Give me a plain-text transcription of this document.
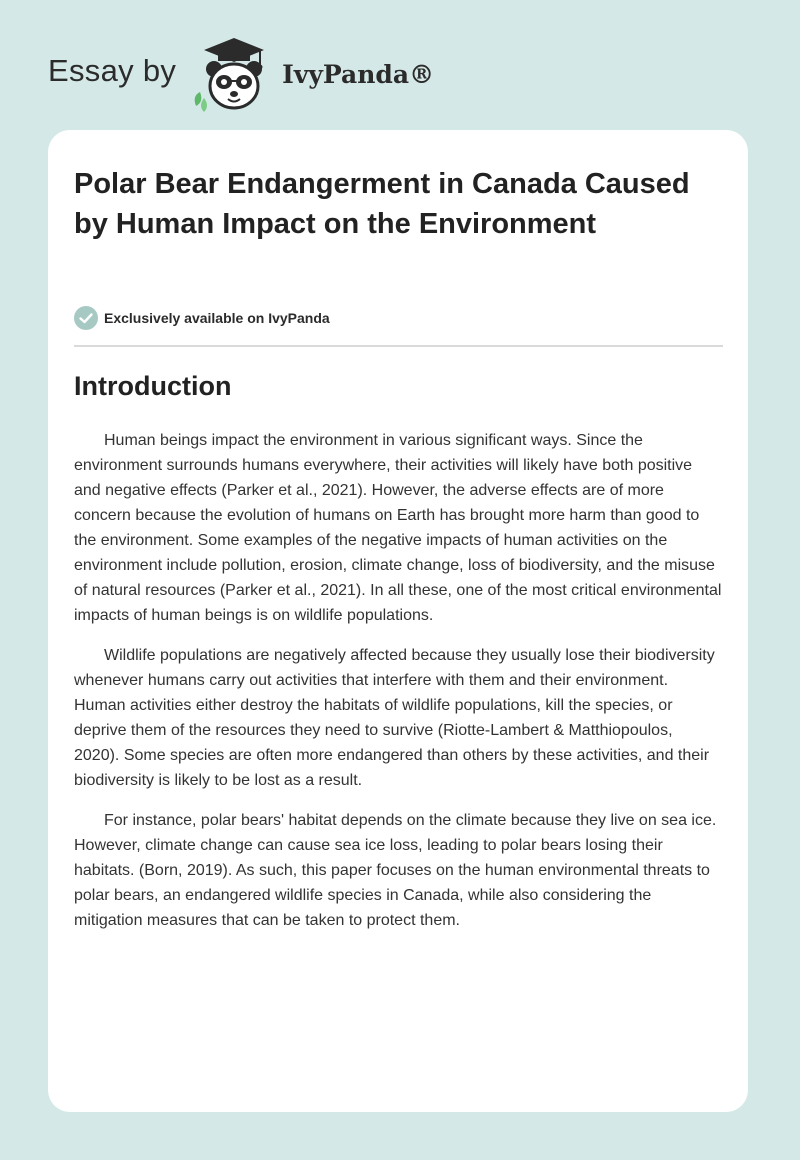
Essay by	IvyPanda®
Polar Bear Endangerment in Canada Caused by Human Impact on the Environment
Exclusively available on IvyPanda
Introduction

Human beings impact the environment in various significant ways. Since the environment surrounds humans everywhere, their activities will likely have both positive and negative effects (Parker et al., 2021). However, the adverse effects are of more concern because the evolution of humans on Earth has brought more harm than good to the environment. Some examples of the negative impacts of human activities on the environment include pollution, erosion, climate change, loss of biodiversity, and the misuse of natural resources (Parker et al., 2021). In all these, one of the most critical environmental impacts of human beings is on wildlife populations.

Wildlife populations are negatively affected because they usually lose their biodiversity whenever humans carry out activities that interfere with them and their environment. Human activities either destroy the habitats of wildlife populations, kill the species, or deprive them of the resources they need to survive (Riotte-Lambert & Matthiopoulos, 2020). Some species are often more endangered than others by these activities, and their biodiversity is likely to be lost as a result.

For instance, polar bears' habitat depends on the climate because they live on sea ice. However, climate change can cause sea ice loss, leading to polar bears losing their habitats. (Born, 2019). As such, this paper focuses on the human environmental threats to polar bears, an endangered wildlife species in Canada, while also considering the mitigation measures that can be taken to protect them.
